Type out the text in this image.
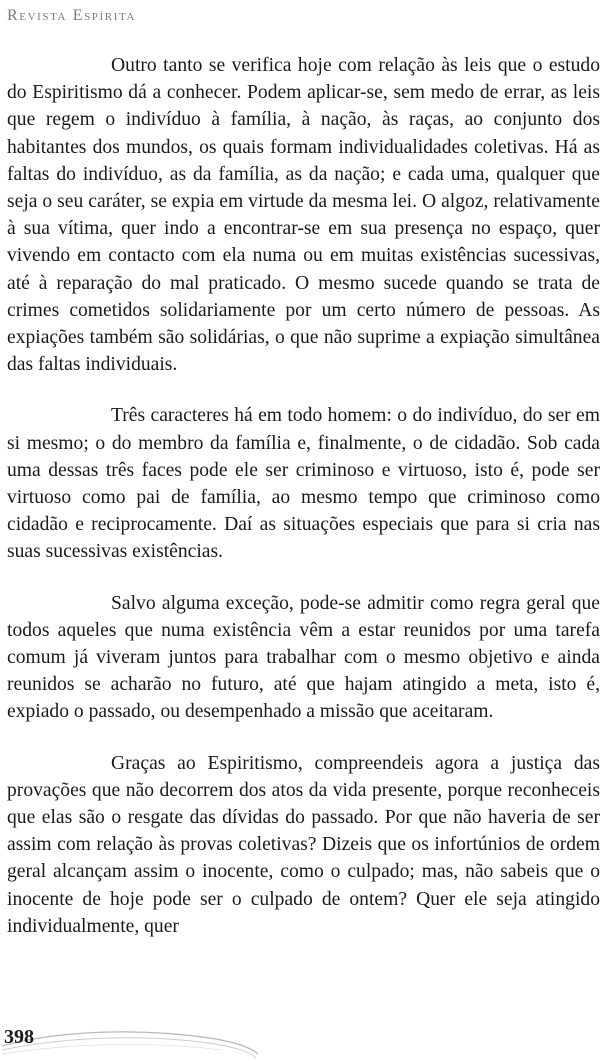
Revista Espírita

Outro tanto se verifica hoje com relação às leis que o estudo do Espiritismo dá a conhecer. Podem aplicar-se, sem medo de errar, as leis que regem o indivíduo à família, à nação, às raças, ao conjunto dos habitantes dos mundos, os quais formam individualidades coletivas. Há as faltas do indivíduo, as da família, as da nação; e cada uma, qualquer que seja o seu caráter, se expia em virtude da mesma lei. O algoz, relativamente à sua vítima, quer indo a encontrar-se em sua presença no espaço, quer vivendo em contacto com ela numa ou em muitas existências sucessivas, até à reparação do mal praticado. O mesmo sucede quando se trata de crimes cometidos solidariamente por um certo número de pessoas. As expiações também são solidárias, o que não suprime a expiação simultânea das faltas individuais.

Três caracteres há em todo homem: o do indivíduo, do ser em si mesmo; o do membro da família e, finalmente, o de cidadão. Sob cada uma dessas três faces pode ele ser criminoso e virtuoso, isto é, pode ser virtuoso como pai de família, ao mesmo tempo que criminoso como cidadão e reciprocamente. Daí as situações especiais que para si cria nas suas sucessivas existências.

Salvo alguma exceção, pode-se admitir como regra geral que todos aqueles que numa existência vêm a estar reunidos por uma tarefa comum já viveram juntos para trabalhar com o mesmo objetivo e ainda reunidos se acharão no futuro, até que hajam atingido a meta, isto é, expiado o passado, ou desempenhado a missão que aceitaram.

Graças ao Espiritismo, compreendeis agora a justiça das provações que não decorrem dos atos da vida presente, porque reconheceis que elas são o resgate das dívidas do passado. Por que não haveria de ser assim com relação às provas coletivas? Dizeis que os infortúnios de ordem geral alcançam assim o inocente, como o culpado; mas, não sabeis que o inocente de hoje pode ser o culpado de ontem? Quer ele seja atingido individualmente, quer

398
